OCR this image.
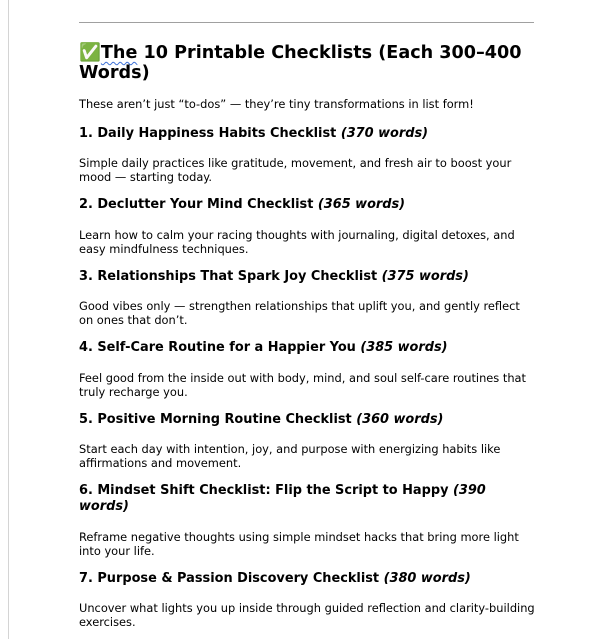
✅The 10 Printable Checklists (Each 300–400 Words)

These aren’t just “to-dos” — they’re tiny transformations in list form!

1. Daily Happiness Habits Checklist (370 words)

Simple daily practices like gratitude, movement, and fresh air to boost your mood — starting today.

2. Declutter Your Mind Checklist (365 words)

Learn how to calm your racing thoughts with journaling, digital detoxes, and easy mindfulness techniques.

3. Relationships That Spark Joy Checklist (375 words)

Good vibes only — strengthen relationships that uplift you, and gently reflect on ones that don’t.

4. Self-Care Routine for a Happier You (385 words)

Feel good from the inside out with body, mind, and soul self-care routines that truly recharge you.

5. Positive Morning Routine Checklist (360 words)

Start each day with intention, joy, and purpose with energizing habits like affirmations and movement.

6. Mindset Shift Checklist: Flip the Script to Happy (390 words)

Reframe negative thoughts using simple mindset hacks that bring more light into your life.

7. Purpose & Passion Discovery Checklist (380 words)

Uncover what lights you up inside through guided reflection and clarity-building exercises.
